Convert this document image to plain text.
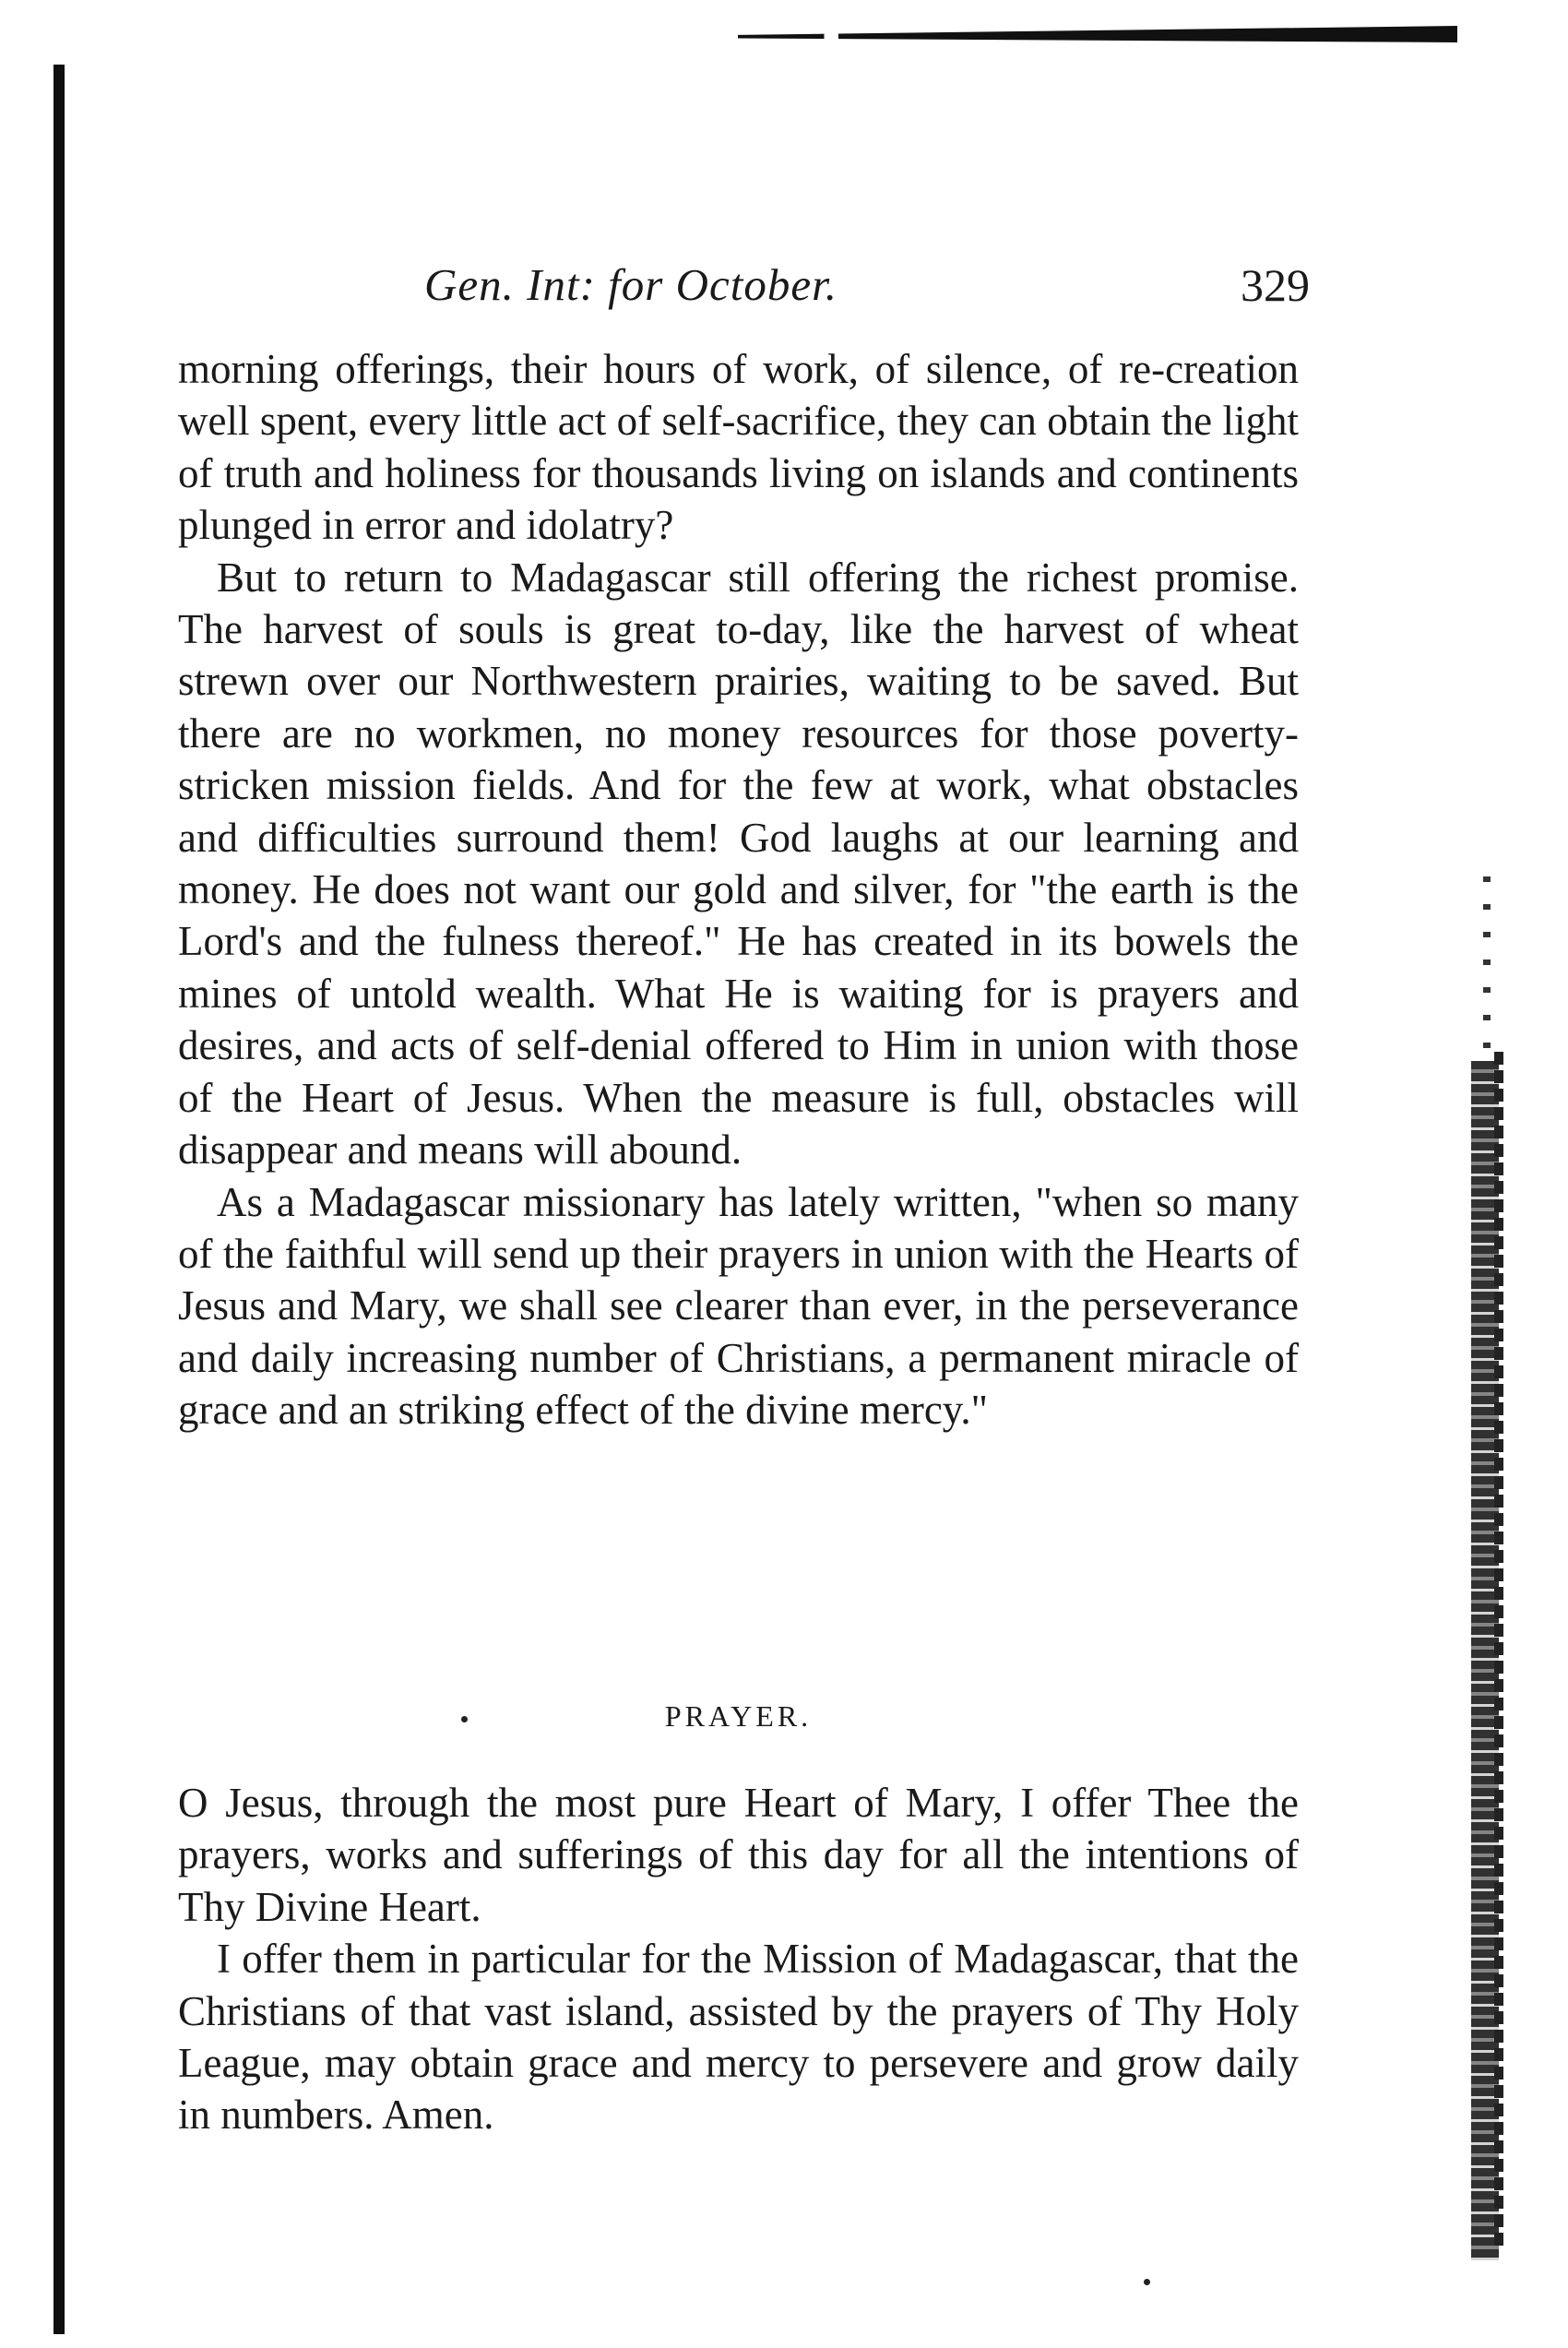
Gen. Int: for October.	329

morning offerings, their hours of work, of silence, of re-creation well spent, every little act of self-sacrifice, they can obtain the light of truth and holiness for thousands living on islands and continents plunged in error and idolatry?

But to return to Madagascar still offering the richest promise. The harvest of souls is great to-day, like the harvest of wheat strewn over our Northwestern prairies, waiting to be saved. But there are no workmen, no money resources for those poverty-stricken mission fields. And for the few at work, what obstacles and difficulties surround them! God laughs at our learning and money. He does not want our gold and silver, for "the earth is the Lord's and the fulness thereof." He has created in its bowels the mines of untold wealth. What He is waiting for is prayers and desires, and acts of self-denial offered to Him in union with those of the Heart of Jesus. When the measure is full, obstacles will disappear and means will abound.

As a Madagascar missionary has lately written, "when so many of the faithful will send up their prayers in union with the Hearts of Jesus and Mary, we shall see clearer than ever, in the perseverance and daily increasing number of Christians, a permanent miracle of grace and an striking effect of the divine mercy."

PRAYER.

O Jesus, through the most pure Heart of Mary, I offer Thee the prayers, works and sufferings of this day for all the intentions of Thy Divine Heart.

I offer them in particular for the Mission of Madagascar, that the Christians of that vast island, assisted by the prayers of Thy Holy League, may obtain grace and mercy to persevere and grow daily in numbers. Amen.
